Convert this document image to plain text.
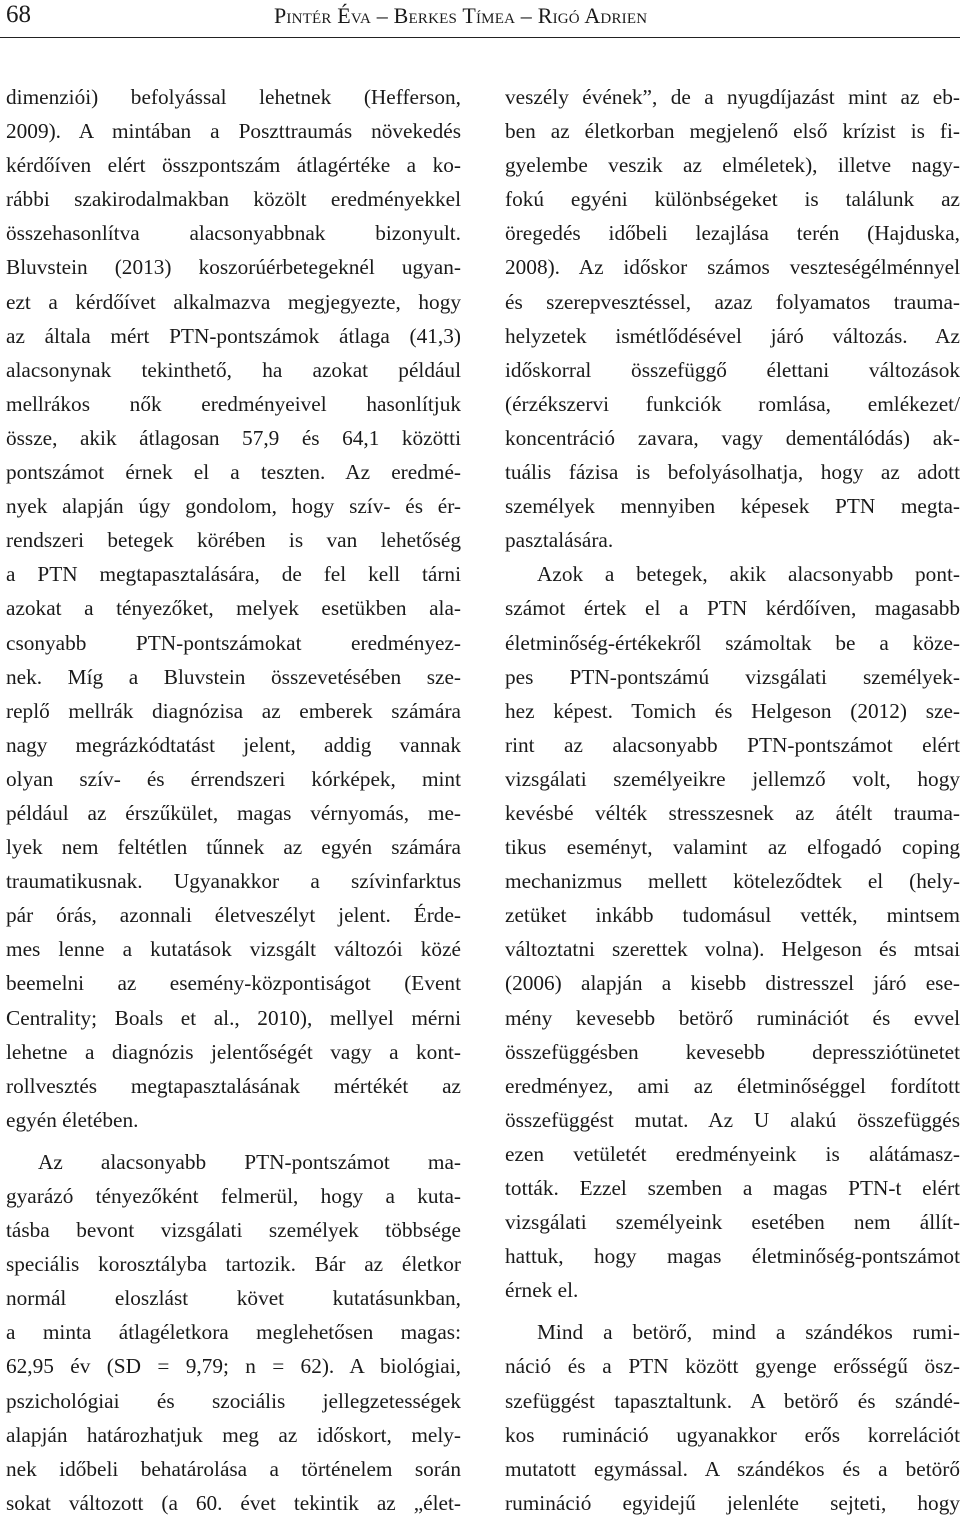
68	Pintér Éva – Berkes Tímea – Rigó Adrien
dimenziói) befolyással lehetnek (Hefferson,
2009). A mintában a Poszttraumás növekedés
kérdőíven elért összpontszám átlagértéke a ko-
rábbi szakirodalmakban közölt eredményekkel
összehasonlítva alacsonyabbnak bizonyult.
Bluvstein (2013) koszorúérbetegeknél ugyan-
ezt a kérdőívet alkalmazva megjegyezte, hogy
az általa mért PTN-pontszámok átlaga (41,3)
alacsonynak tekinthető, ha azokat például
mellrákos nők eredményeivel hasonlítjuk
össze, akik átlagosan 57,9 és 64,1 közötti
pontszámot érnek el a teszten. Az eredmé-
nyek alapján úgy gondolom, hogy szív- és ér-
rendszeri betegek körében is van lehetőség
a PTN megtapasztalására, de fel kell tárni
azokat a tényezőket, melyek esetükben ala-
csonyabb PTN-pontszámokat eredményez-
nek. Míg a Bluvstein összevetésében sze-
replő mellrák diagnózisa az emberek számára
nagy megrázkódtatást jelent, addig vannak
olyan szív- és érrendszeri kórképek, mint
például az érszűkület, magas vérnyomás, me-
lyek nem feltétlen tűnnek az egyén számára
traumatikusnak. Ugyanakkor a szívinfarktus
pár órás, azonnali életveszélyt jelent. Érde-
mes lenne a kutatások vizsgált változói közé
beemelni az esemény-központiságot (Event
Centrality; Boals et al., 2010), mellyel mérni
lehetne a diagnózis jelentőségét vagy a kont-
rollvesztés megtapasztalásának mértékét az
egyén életében.
Az alacsonyabb PTN-pontszámot ma-
gyarázó tényezőként felmerül, hogy a kuta-
tásba bevont vizsgálati személyek többsége
speciális korosztályba tartozik. Bár az életkor
normál eloszlást követ kutatásunkban,
a minta átlagéletkora meglehetősen magas:
62,95 év (SD = 9,79; n = 62). A biológiai,
pszichológiai és szociális jellegzetességek
alapján határozhatjuk meg az időskort, mely-
nek időbeli behatárolása a történelem során
sokat változott (a 60. évet tekintik az „élet-
veszély évének”, de a nyugdíjazást mint az eb-
ben az életkorban megjelenő első krízist is fi-
gyelembe veszik az elméletek), illetve nagy-
fokú egyéni különbségeket is találunk az
öregedés időbeli lezajlása terén (Hajduska,
2008). Az időskor számos veszteségélménnyel
és szerepvesztéssel, azaz folyamatos trauma-
helyzetek ismétlődésével járó változás. Az
időskorral összefüggő élettani változások
(érzékszervi funkciók romlása, emlékezet/
koncentráció zavara, vagy dementálódás) ak-
tuális fázisa is befolyásolhatja, hogy az adott
személyek mennyiben képesek PTN megta-
pasztalására.
Azok a betegek, akik alacsonyabb pont-
számot értek el a PTN kérdőíven, magasabb
életminőség-értékekről számoltak be a köze-
pes PTN-pontszámú vizsgálati személyek-
hez képest. Tomich és Helgeson (2012) sze-
rint az alacsonyabb PTN-pontszámot elért
vizsgálati személyeikre jellemző volt, hogy
kevésbé vélték stresszesnek az átélt trauma-
tikus eseményt, valamint az elfogadó coping
mechanizmus mellett köteleződtek el (hely-
zetüket inkább tudomásul vették, mintsem
változtatni szerettek volna). Helgeson és mtsai
(2006) alapján a kisebb distresszel járó ese-
mény kevesebb betörő ruminációt és evvel
összefüggésben kevesebb depressziótünetet
eredményez, ami az életminőséggel fordított
összefüggést mutat. Az U alakú összefüggés
ezen vetületét eredményeink is alátámasz-
tották. Ezzel szemben a magas PTN-t elért
vizsgálati személyeink esetében nem állít-
hattuk, hogy magas életminőség-pontszámot
érnek el.
Mind a betörő, mind a szándékos rumi-
náció és a PTN között gyenge erősségű ösz-
szefüggést tapasztaltunk. A betörő és szándé-
kos rumináció ugyanakkor erős korrelációt
mutatott egymással. A szándékos és a betörő
rumináció egyidejű jelenléte sejteti, hogy
